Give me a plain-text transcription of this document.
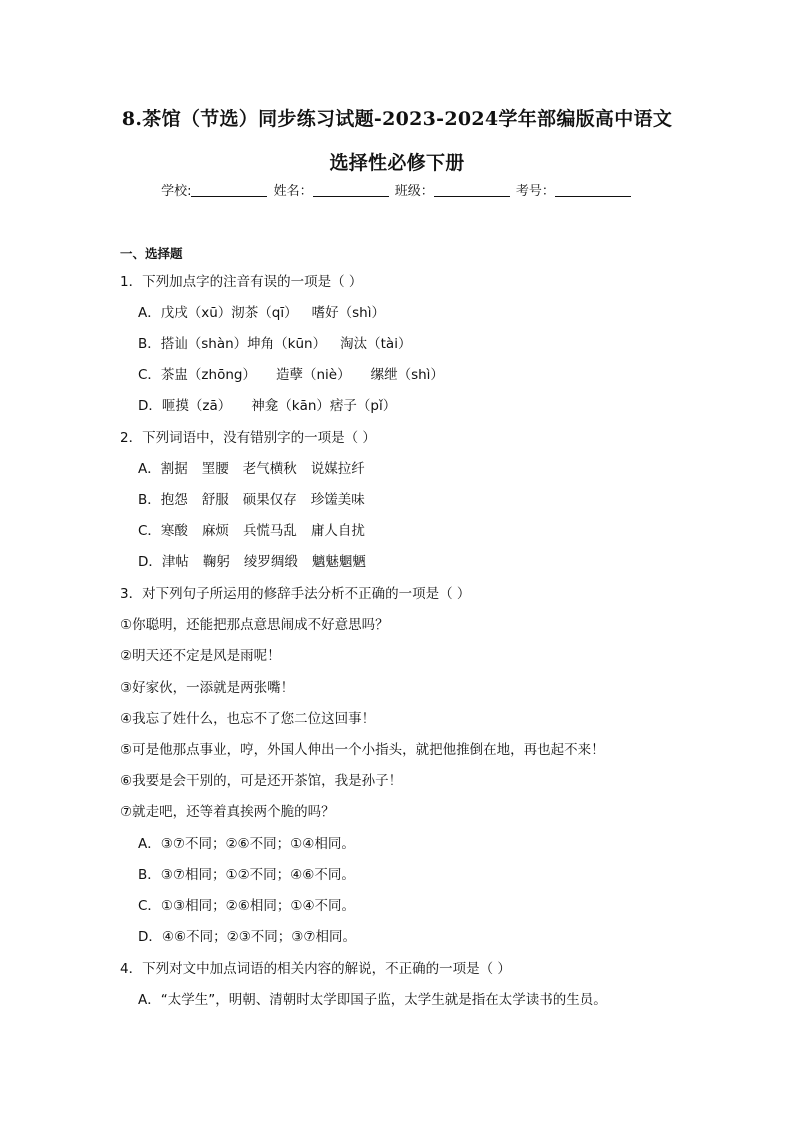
8.茶馆（节选）同步练习试题-2023-2024学年部编版高中语文
选择性必修下册
学校:	姓名：	班级：	考号：
一、选择题
1．下列加点字的注音有误的一项是（ ）
A．戊戌（xū）沏茶（qī） 嗜好（shì）
B．搭讪（shàn）坤角（kūn） 淘汰（tài）
C．茶盅（zhōng） 造孽（niè） 缧绁（shì）
D．咂摸（zā） 神龛（kān）痞子（pǐ）
2．下列词语中，没有错别字的一项是（ ）
A．割据 罣腰 老气横秋 说媒拉纤
B．抱怨 舒服 硕果仅存 珍馐美味
C．寒酸 麻烦 兵慌马乱 庸人自扰
D．津帖 鞠躬 绫罗绸缎 魑魅魍魉
3．对下列句子所运用的修辞手法分析不正确的一项是（ ）
①你聪明，还能把那点意思闹成不好意思吗？
②明天还不定是风是雨呢！
③好家伙，一添就是两张嘴！
④我忘了姓什么，也忘不了您二位这回事！
⑤可是他那点事业，哼，外国人伸出一个小指头，就把他推倒在地，再也起不来！
⑥我要是会干别的，可是还开茶馆，我是孙子！
⑦就走吧，还等着真挨两个脆的吗？
A．③⑦不同；②⑥不同；①④相同。
B．③⑦相同；①②不同；④⑥不同。
C．①③相同；②⑥相同；①④不同。
D．④⑥不同；②③不同；③⑦相同。
4．下列对文中加点词语的相关内容的解说，不正确的一项是（ ）
A．“太学生”，明朝、清朝时太学即国子监，太学生就是指在太学读书的生员。
